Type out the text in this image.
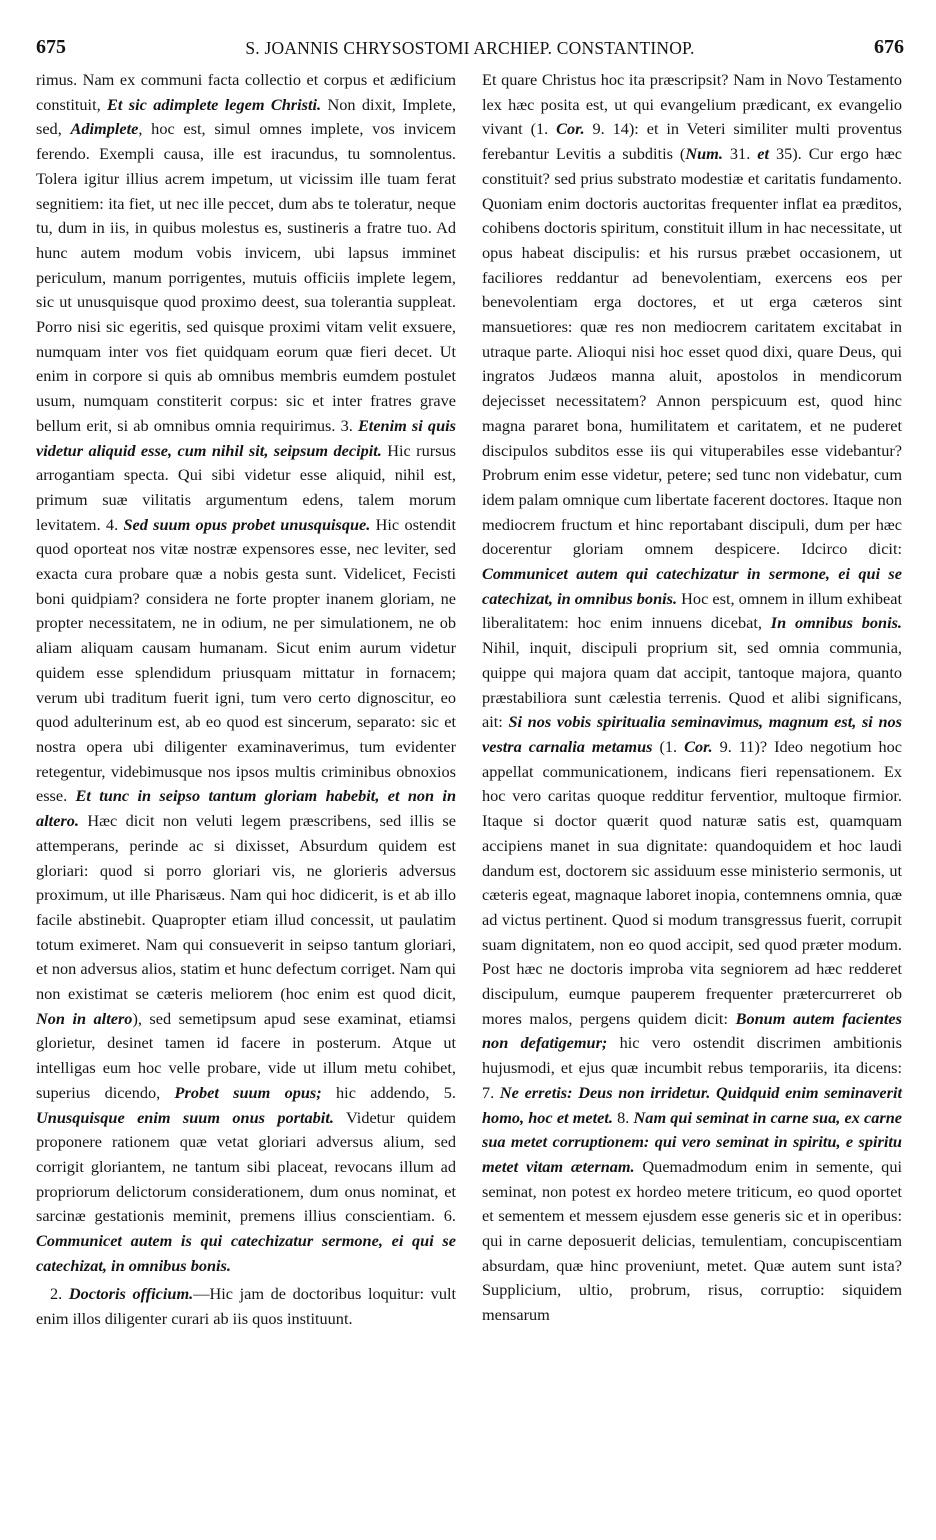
675	S. JOANNIS CHRYSOSTOMI ARCHIEP. CONSTANTINOP.	676

rimus. Nam ex communi facta collectio et corpus et ædificium constituit, Et sic adimplete legem Christi. Non dixit, Implete, sed, Adimplete, hoc est, simul omnes implete, vos invicem ferendo. Exempli causa, ille est iracundus, tu somnolentus. Tolera igitur illius acrem impetum, ut vicissim ille tuam ferat segnitiem: ita fiet, ut nec ille peccet, dum abs te toleratur, neque tu, dum in iis, in quibus molestus es, sustineris a fratre tuo. Ad hunc autem modum vobis invicem, ubi lapsus imminet periculum, manum porrigentes, mutuis officiis implete legem, sic ut unusquisque quod proximo deest, sua tolerantia suppleat. Porro nisi sic egeritis, sed quisque proximi vitam velit exsuere, numquam inter vos fiet quidquam eorum quæ fieri decet. Ut enim in corpore si quis ab omnibus membris eumdem postulet usum, numquam constiterit corpus: sic et inter fratres grave bellum erit, si ab omnibus omnia requirimus. 3. Etenim si quis videtur aliquid esse, cum nihil sit, seipsum decipit. Hic rursus arrogantiam specta. Qui sibi videtur esse aliquid, nihil est, primum suæ vilitatis argumentum edens, talem morum levitatem. 4. Sed suum opus probet unusquisque. Hic ostendit quod oporteat nos vitæ nostræ expensores esse, nec leviter, sed exacta cura probare quæ a nobis gesta sunt. Videlicet, Fecisti boni quidpiam? considera ne forte propter inanem gloriam, ne propter necessitatem, ne in odium, ne per simulationem, ne ob aliam aliquam causam humanam. Sicut enim aurum videtur quidem esse splendidum priusquam mittatur in fornacem; verum ubi traditum fuerit igni, tum vero certo dignoscitur, eo quod adulterinum est, ab eo quod est sincerum, separato: sic et nostra opera ubi diligenter examinaverimus, tum evidenter retegentur, videbimusque nos ipsos multis criminibus obnoxios esse. Et tunc in seipso tantum gloriam habebit, et non in altero. Hæc dicit non veluti legem præscribens, sed illis se attemperans, perinde ac si dixisset, Absurdum quidem est gloriari: quod si porro gloriari vis, ne glorieris adversus proximum, ut ille Pharisæus. Nam qui hoc didicerit, is et ab illo facile abstinebit. Quapropter etiam illud concessit, ut paulatim totum eximeret. Nam qui consueverit in seipso tantum gloriari, et non adversus alios, statim et hunc defectum corriget. Nam qui non existimat se cæteris meliorem (hoc enim est quod dicit, Non in altero), sed semetipsum apud sese examinat, etiamsi glorietur, desinet tamen id facere in posterum. Atque ut intelligas eum hoc velle probare, vide ut illum metu cohibet, superius dicendo, Probet suum opus; hic addendo, 5. Unusquisque enim suum onus portabit. Videtur quidem proponere rationem quæ vetat gloriari adversus alium, sed corrigit gloriantem, ne tantum sibi placeat, revocans illum ad propriorum delictorum considerationem, dum onus nominat, et sarcinæ gestationis meminit, premens illius conscientiam. 6. Communicet autem is qui catechizatur sermone, ei qui se catechizat, in omnibus bonis.

2. Doctoris officium.—Hic jam de doctoribus loquitur: vult enim illos diligenter curari ab iis quos instituunt.

Et quare Christus hoc ita præscripsit? Nam in Novo Testamento lex hæc posita est, ut qui evangelium prædicant, ex evangelio vivant (1. Cor. 9. 14): et in Veteri similiter multi proventus ferebantur Levitis a subditis (Num. 31. et 35). Cur ergo hæc constituit? sed prius substrato modestiæ et caritatis fundamento. Quoniam enim doctoris auctoritas frequenter inflat ea præditos, cohibens doctoris spiritum, constituit illum in hac necessitate, ut opus habeat discipulis: et his rursus præbet occasionem, ut faciliores reddantur ad benevolentiam, exercens eos per benevolentiam erga doctores, et ut erga cæteros sint mansuetiores: quæ res non mediocrem caritatem excitabat in utraque parte. Alioqui nisi hoc esset quod dixi, quare Deus, qui ingratos Judæos manna aluit, apostolos in mendicorum dejecisset necessitatem? Annon perspicuum est, quod hinc magna pararet bona, humilitatem et caritatem, et ne puderet discipulos subditos esse iis qui vituperabiles esse videbantur? Probrum enim esse videtur, petere; sed tunc non videbatur, cum idem palam omnique cum libertate facerent doctores. Itaque non mediocrem fructum et hinc reportabant discipuli, dum per hæc docerentur gloriam omnem despicere. Idcirco dicit: Communicet autem qui catechizatur in sermone, ei qui se catechizat, in omnibus bonis. Hoc est, omnem in illum exhibeat liberalitatem: hoc enim innuens dicebat, In omnibus bonis. Nihil, inquit, discipuli proprium sit, sed omnia communia, quippe qui majora quam dat accipit, tantoque majora, quanto præstabiliora sunt cælestia terrenis. Quod et alibi significans, ait: Si nos vobis spiritualia seminavimus, magnum est, si nos vestra carnalia metamus (1. Cor. 9. 11)? Ideo negotium hoc appellat communicationem, indicans fieri repensationem. Ex hoc vero caritas quoque redditur ferventior, multoque firmior. Itaque si doctor quærit quod naturæ satis est, quamquam accipiens manet in sua dignitate: quandoquidem et hoc laudi dandum est, doctorem sic assiduum esse ministerio sermonis, ut cæteris egeat, magnaque laboret inopia, contemnens omnia, quæ ad victus pertinent. Quod si modum transgressus fuerit, corrupit suam dignitatem, non eo quod accipit, sed quod præter modum. Post hæc ne doctoris improba vita segniorem ad hæc redderet discipulum, eumque pauperem frequenter prætercurreret ob mores malos, pergens quidem dicit: Bonum autem facientes non defatigemur; hic vero ostendit discrimen ambitionis hujusmodi, et ejus quæ incumbit rebus temporariis, ita dicens: 7. Ne erretis: Deus non irridetur. Quidquid enim seminaverit homo, hoc et metet. 8. Nam qui seminat in carne sua, ex carne sua metet corruptionem: qui vero seminat in spiritu, e spiritu metet vitam æternam. Quemadmodum enim in semente, qui seminat, non potest ex hordeo metere triticum, eo quod oportet et sementem et messem ejusdem esse generis sic et in operibus: qui in carne deposuerit delicias, temulentiam, concupiscentiam absurdam, quæ hinc proveniunt, metet. Quæ autem sunt ista? Supplicium, ultio, probrum, risus, corruptio: siquidem mensarum
